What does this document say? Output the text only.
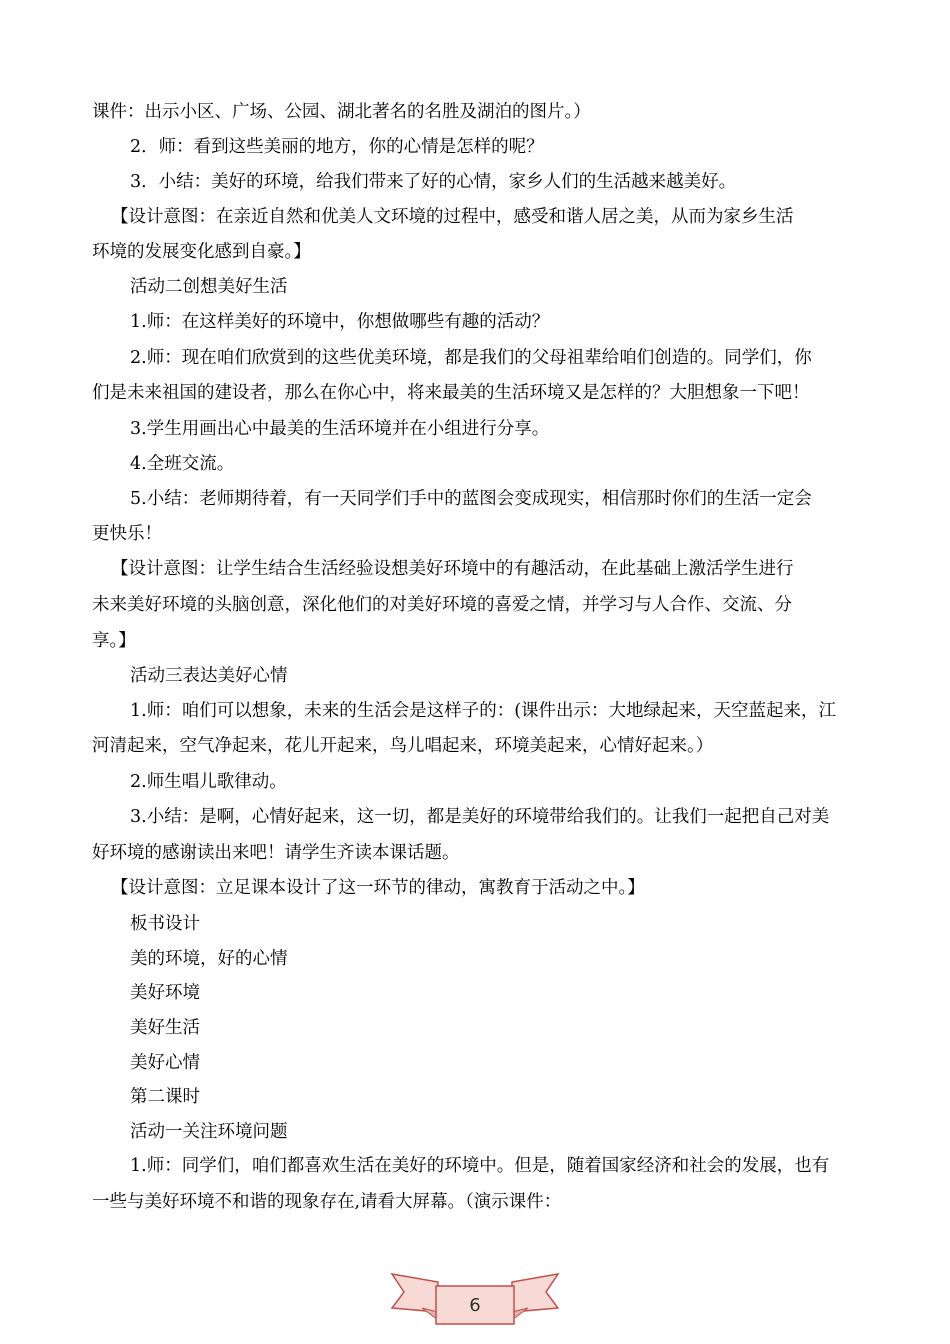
课件：出示小区、广场、公园、湖北著名的名胜及湖泊的图片。）
2．师：看到这些美丽的地方，你的心情是怎样的呢？
3．小结：美好的环境，给我们带来了好的心情，家乡人们的生活越来越美好。
【设计意图：在亲近自然和优美人文环境的过程中，感受和谐人居之美，从而为家乡生活
环境的发展变化感到自豪。】
活动二创想美好生活
1.师：在这样美好的环境中，你想做哪些有趣的活动？
2.师：现在咱们欣赏到的这些优美环境，都是我们的父母祖辈给咱们创造的。同学们，你
们是未来祖国的建设者，那么在你心中，将来最美的生活环境又是怎样的？大胆想象一下吧！
3.学生用画出心中最美的生活环境并在小组进行分享。
4.全班交流。
5.小结：老师期待着，有一天同学们手中的蓝图会变成现实，相信那时你们的生活一定会
更快乐！
【设计意图：让学生结合生活经验设想美好环境中的有趣活动，在此基础上激活学生进行
未来美好环境的头脑创意，深化他们的对美好环境的喜爱之情，并学习与人合作、交流、分
享。】
活动三表达美好心情
1.师：咱们可以想象，未来的生活会是这样子的：(课件出示：大地绿起来，天空蓝起来，江
河清起来，空气净起来，花儿开起来，鸟儿唱起来，环境美起来，心情好起来。）
2.师生唱儿歌律动。
3.小结：是啊，心情好起来，这一切，都是美好的环境带给我们的。让我们一起把自己对美
好环境的感谢读出来吧！请学生齐读本课话题。
【设计意图：立足课本设计了这一环节的律动，寓教育于活动之中。】
板书设计
美的环境，好的心情
美好环境
美好生活
美好心情
第二课时
活动一关注环境问题
1.师：同学们，咱们都喜欢生活在美好的环境中。但是，随着国家经济和社会的发展，也有
一些与美好环境不和谐的现象存在,请看大屏幕。（演示课件：
6
